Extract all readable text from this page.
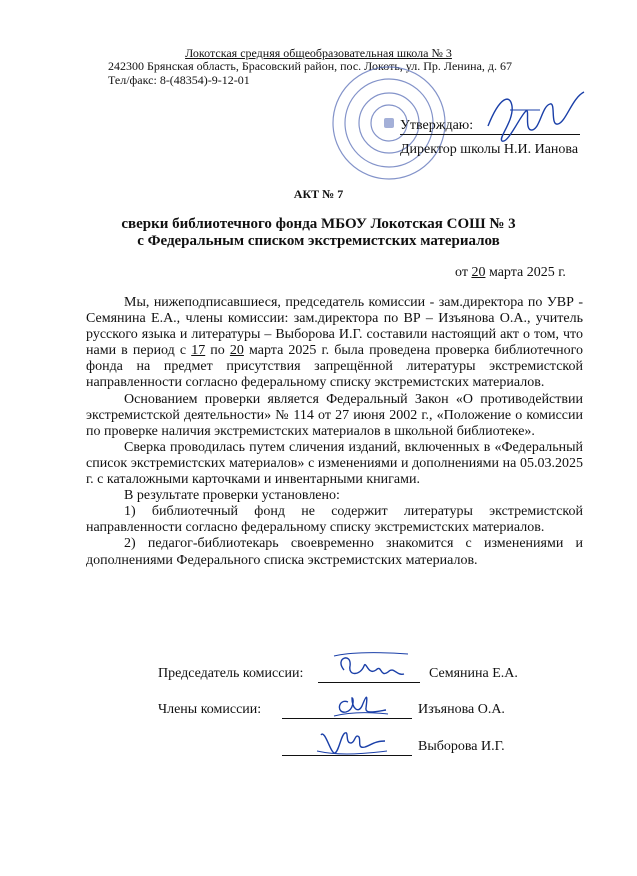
Локотская средняя общеобразовательная школа № 3
242300 Брянская область, Брасовский район, пос. Локоть, ул. Пр. Ленина, д. 67
Тел/факс: 8-(48354)-9-12-01
Утверждаю:
Директор школы Н.И. Ианова
АКТ № 7
сверки библиотечного фонда МБОУ Локотская СОШ № 3
с Федеральным списком экстремистских материалов
от 20 марта 2025 г.

Мы, нижеподписавшиеся, председатель комиссии - зам.директора по УВР - Семянина Е.А., члены комиссии: зам.директора по ВР – Изъянова О.А., учитель русского языка и литературы – Выборова И.Г. составили настоящий акт о том, что нами в период с 17 по 20 марта 2025 г. была проведена проверка библиотечного фонда на предмет присутствия запрещённой литературы экстремистской направленности согласно федеральному списку экстремистских материалов.

Основанием проверки является Федеральный Закон «О противодействии экстремистской деятельности» № 114 от 27 июня 2002 г., «Положение о комиссии по проверке наличия экстремистских материалов в школьной библиотеке».

Сверка проводилась путем сличения изданий, включенных в «Федеральный список экстремистских материалов» с изменениями и дополнениями на 05.03.2025 г. с каталожными карточками и инвентарными книгами.

В результате проверки установлено:

1) библиотечный фонд не содержит литературы экстремистской направленности согласно федеральному списку экстремистских материалов.

2) педагог-библиотекарь своевременно знакомится с изменениями и дополнениями Федерального списка экстремистских материалов.

Председатель комиссии:	Семянина Е.А.
Члены комиссии:	Изъянова О.А.
Выборова И.Г.
